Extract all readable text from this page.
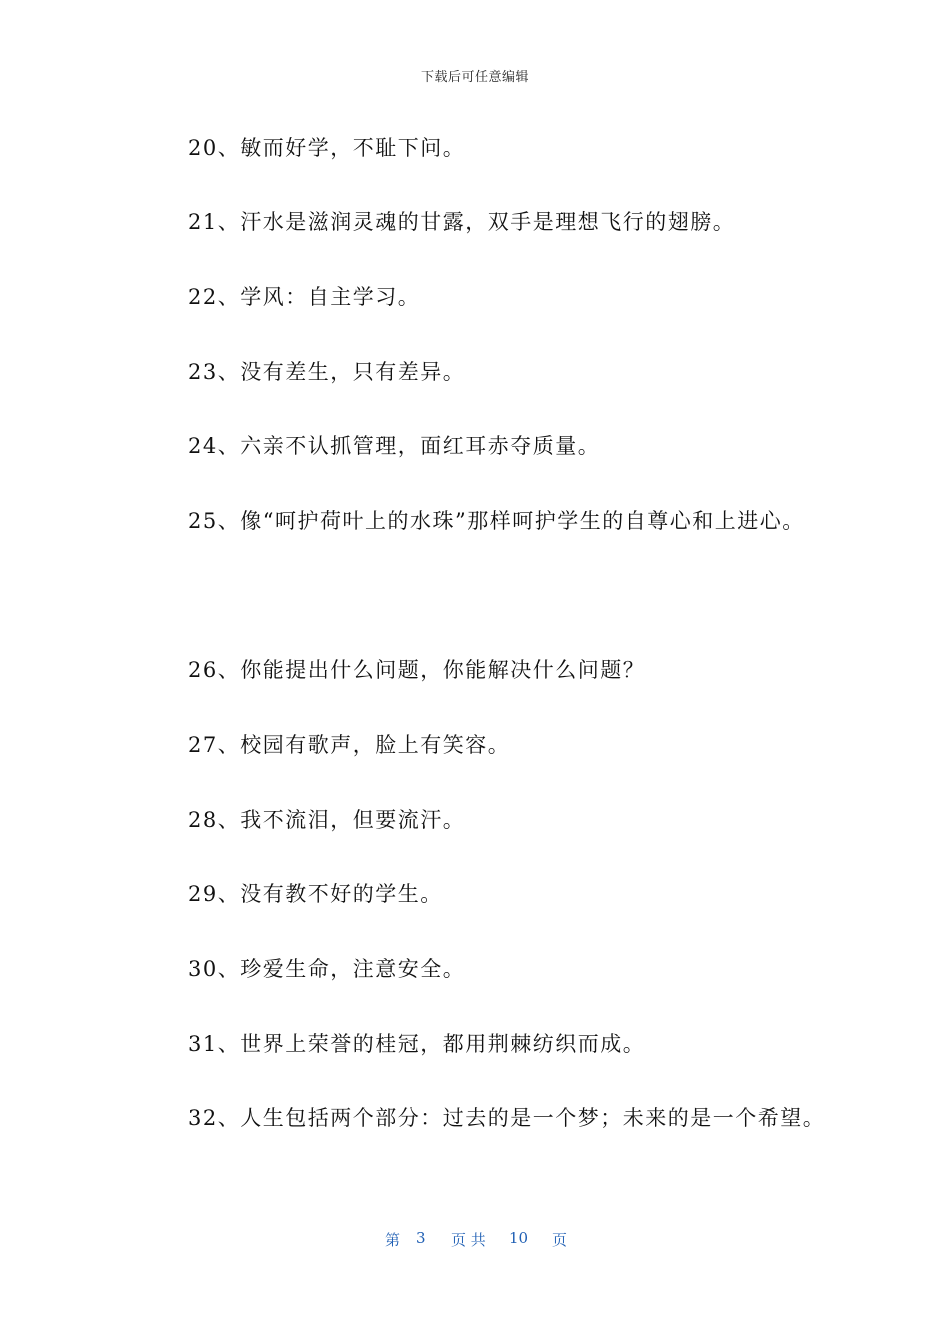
下载后可任意编辑
20、敏而好学，不耻下问。
21、汗水是滋润灵魂的甘露，双手是理想飞行的翅膀。
22、学风：自主学习。
23、没有差生，只有差异。
24、六亲不认抓管理，面红耳赤夺质量。
25、像“呵护荷叶上的水珠”那样呵护学生的自尊心和上进心。
26、你能提出什么问题，你能解决什么问题？
27、校园有歌声，脸上有笑容。
28、我不流泪，但要流汗。
29、没有教不好的学生。
30、珍爱生命，注意安全。
31、世界上荣誉的桂冠，都用荆棘纺织而成。
32、人生包括两个部分：过去的是一个梦；未来的是一个希望。
第 3 页 共 10 页
